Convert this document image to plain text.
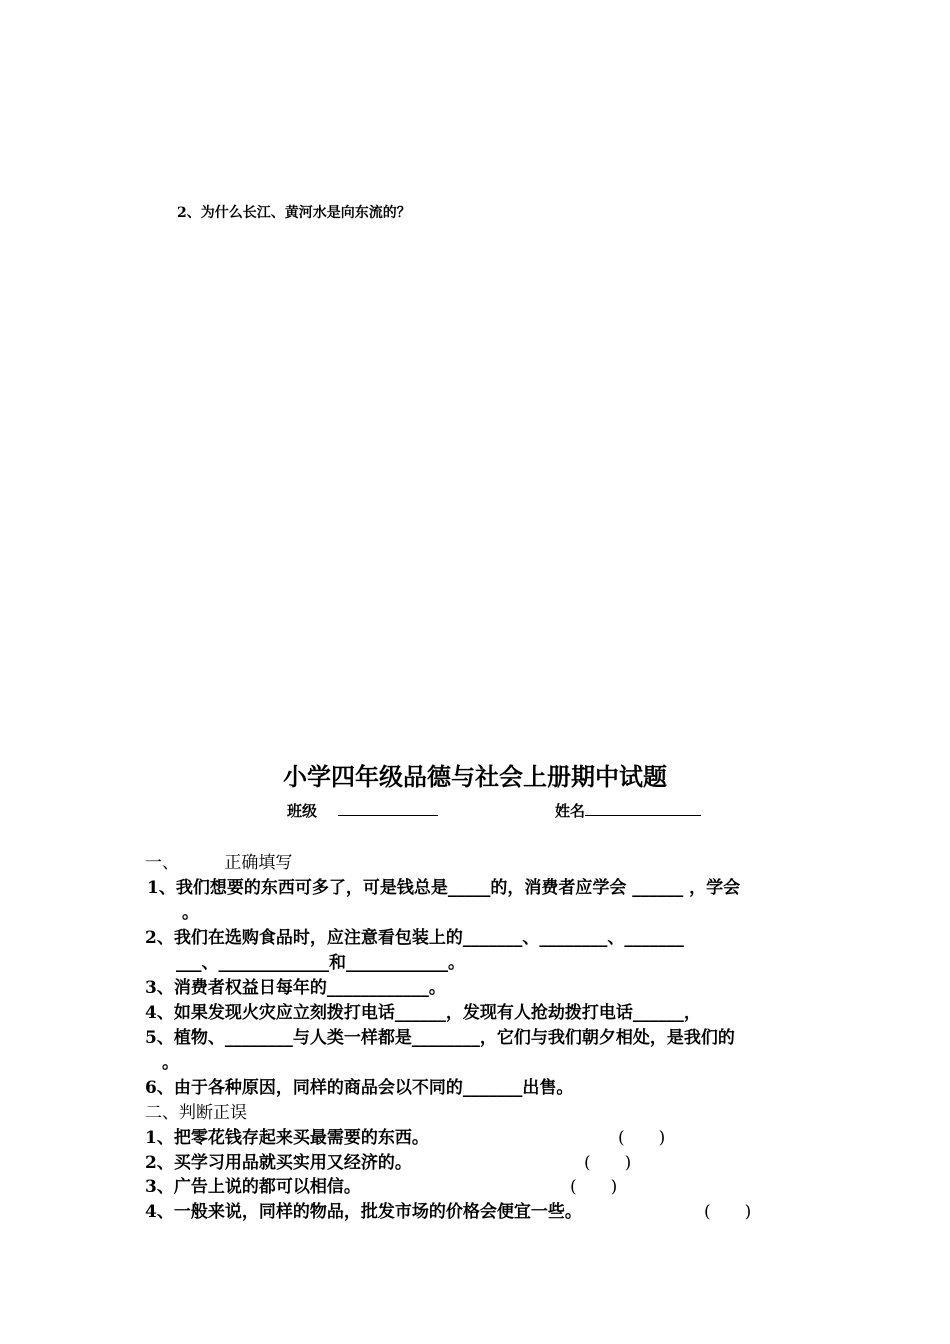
2、为什么长江、黄河水是向东流的？
小学四年级品德与社会上册期中试题
班级	姓名
一、	正确填写
1、我们想要的东西可多了，可是钱总是_____的，消费者应学会 ______ ，学会
。
2、我们在选购食品时，应注意看包装上的_______、________、_______
___、_____________和____________。
3、消费者权益日每年的____________。
4、如果发现火灾应立刻拨打电话______，发现有人抢劫拨打电话______，
5、植物、________与人类一样都是________，它们与我们朝夕相处，是我们的
。
6、由于各种原因，同样的商品会以不同的_______出售。
二、判断正误
1、把零花钱存起来买最需要的东西。	(　　)
2、买学习用品就买实用又经济的。	(　　)
3、广告上说的都可以相信。	(　　)
4、一般来说，同样的物品，批发市场的价格会便宜一些。	(　　)
